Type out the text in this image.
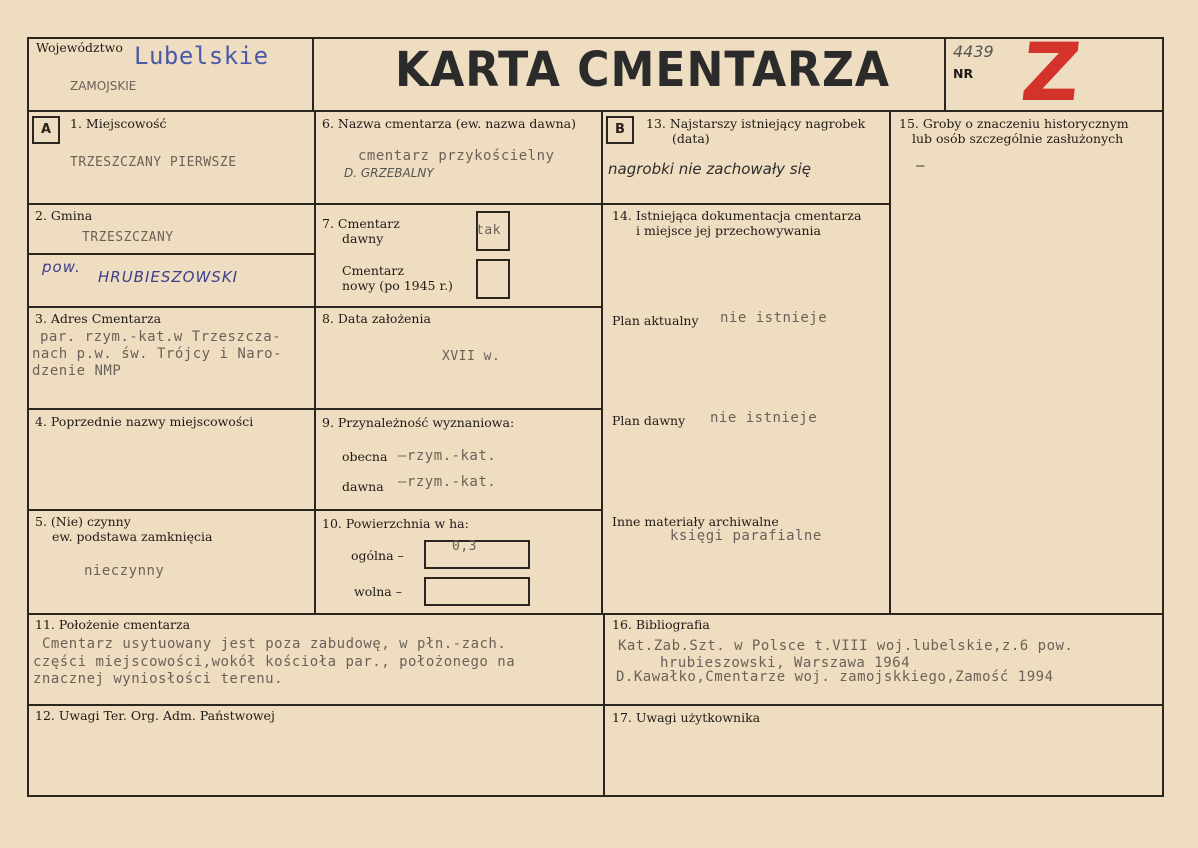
Województwo Lubelskie
ZAMOJSKIE	KARTA CMENTARZA	4439
NR Z
A	B
1. Miejscowość
TRZESZCZANY PIERWSZE
2. Gmina
TRZESZCZANY
pow.
HRUBIESZOWSKI
3. Adres Cmentarza
par. rzym.-kat.w Trzeszcza-
nach p.w. św. Trójcy i Naro-
dzenie NMP
4. Poprzednie nazwy miejscowości
5. (Nie) czynny
ew. podstawa zamknięcia
nieczynny
6. Nazwa cmentarza (ew. nazwa dawna)
cmentarz przykościelny
D. GRZEBALNY
7. Cmentarz
dawny
tak
Cmentarz
nowy (po 1945 r.)
8. Data założenia
XVII w.
9. Przynależność wyznaniowa:
obecna –rzym.-kat.
dawna –rzym.-kat.
10. Powierzchnia w ha:
ogólna –
0,3
wolna –
11. Położenie cmentarza
Cmentarz usytuowany jest poza zabudowę, w płn.-zach.
części miejscowości,wokół kościoła par., położonego na
znacznej wyniosłości terenu.
12. Uwagi Ter. Org. Adm. Państwowej
13. Najstarszy istniejący nagrobek
(data)
nagrobki nie zachowały się
14. Istniejąca dokumentacja cmentarza
i miejsce jej przechowywania
Plan aktualny nie istnieje
Plan dawny nie istnieje
Inne materiały archiwalne
księgi parafialne
15. Groby o znaczeniu historycznym
lub osób szczególnie zasłużonych
–
16. Bibliografia
Kat.Zab.Szt. w Polsce t.VIII woj.lubelskie,z.6 pow.
hrubieszowski, Warszawa 1964
D.Kawałko,Cmentarze woj. zamojskkiego,Zamość 1994
17. Uwagi użytkownika
